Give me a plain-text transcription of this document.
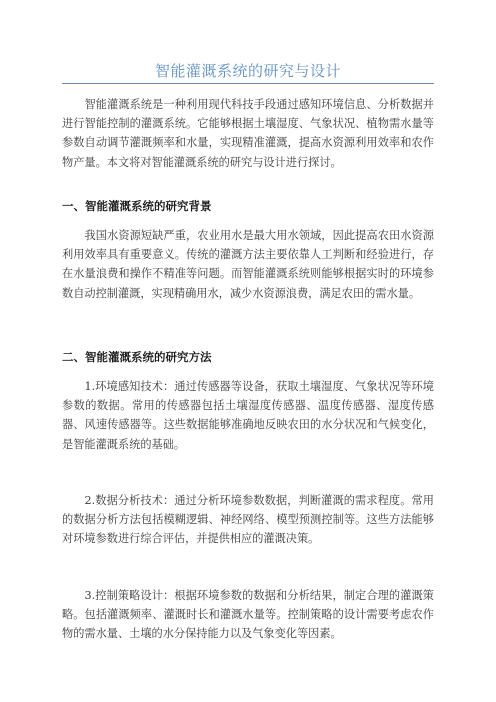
智能灌溉系统的研究与设计

智能灌溉系统是一种利用现代科技手段通过感知环境信息、分析数据并进行智能控制的灌溉系统。它能够根据土壤湿度、气象状况、植物需水量等参数自动调节灌溉频率和水量，实现精准灌溉，提高水资源利用效率和农作物产量。本文将对智能灌溉系统的研究与设计进行探讨。

一、智能灌溉系统的研究背景

我国水资源短缺严重，农业用水是最大用水领域，因此提高农田水资源利用效率具有重要意义。传统的灌溉方法主要依靠人工判断和经验进行，存在水量浪费和操作不精准等问题。而智能灌溉系统则能够根据实时的环境参数自动控制灌溉，实现精确用水，减少水资源浪费，满足农田的需水量。

二、智能灌溉系统的研究方法

1.环境感知技术：通过传感器等设备，获取土壤湿度、气象状况等环境参数的数据。常用的传感器包括土壤湿度传感器、温度传感器、湿度传感器、风速传感器等。这些数据能够准确地反映农田的水分状况和气候变化，是智能灌溉系统的基础。

2.数据分析技术：通过分析环境参数数据，判断灌溉的需求程度。常用的数据分析方法包括模糊逻辑、神经网络、模型预测控制等。这些方法能够对环境参数进行综合评估，并提供相应的灌溉决策。

3.控制策略设计：根据环境参数的数据和分析结果，制定合理的灌溉策略。包括灌溉频率、灌溉时长和灌溉水量等。控制策略的设计需要考虑农作物的需水量、土壤的水分保持能力以及气象变化等因素。
